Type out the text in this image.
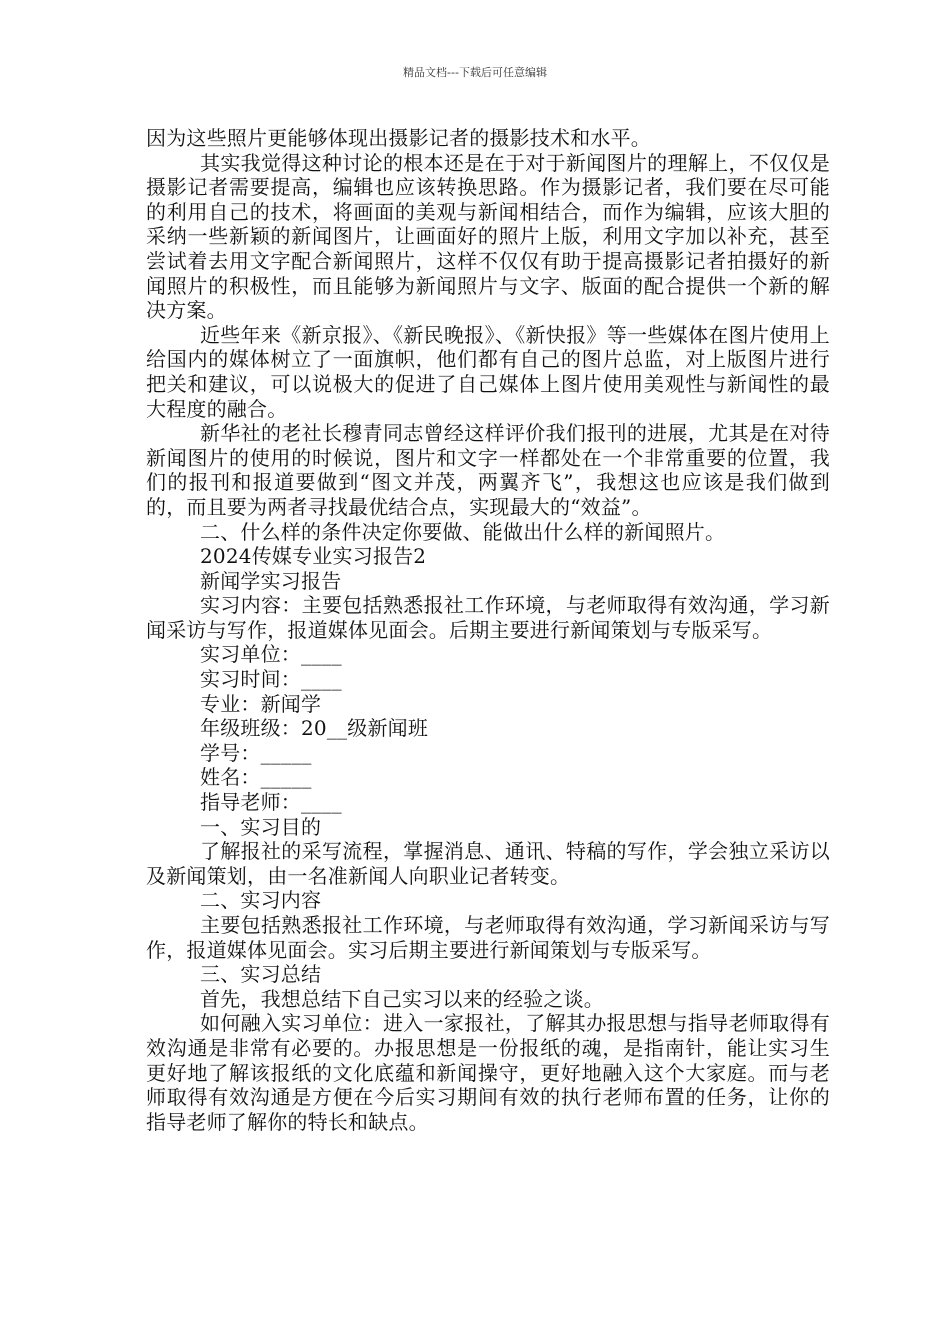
精品文档---下载后可任意编辑

因为这些照片更能够体现出摄影记者的摄影技术和水平。

其实我觉得这种讨论的根本还是在于对于新闻图片的理解上，不仅仅是摄影记者需要提高，编辑也应该转换思路。作为摄影记者，我们要在尽可能的利用自己的技术，将画面的美观与新闻相结合，而作为编辑，应该大胆的采纳一些新颖的新闻图片，让画面好的照片上版，利用文字加以补充，甚至尝试着去用文字配合新闻照片，这样不仅仅有助于提高摄影记者拍摄好的新闻照片的积极性，而且能够为新闻照片与文字、版面的配合提供一个新的解决方案。

近些年来《新京报》、《新民晚报》、《新快报》等一些媒体在图片使用上给国内的媒体树立了一面旗帜，他们都有自己的图片总监，对上版图片进行把关和建议，可以说极大的促进了自己媒体上图片使用美观性与新闻性的最大程度的融合。

新华社的老社长穆青同志曾经这样评价我们报刊的进展，尤其是在对待新闻图片的使用的时候说，图片和文字一样都处在一个非常重要的位置，我们的报刊和报道要做到“图文并茂，两翼齐飞”，我想这也应该是我们做到的，而且要为两者寻找最优结合点，实现最大的“效益”。

二、什么样的条件决定你要做、能做出什么样的新闻照片。

2024传媒专业实习报告2

新闻学实习报告

实习内容：主要包括熟悉报社工作环境，与老师取得有效沟通，学习新闻采访与写作，报道媒体见面会。后期主要进行新闻策划与专版采写。

实习单位：____

实习时间：____

专业：新闻学

年级班级：20__级新闻班

学号：_____

姓名：_____

指导老师：____

一、实习目的

了解报社的采写流程，掌握消息、通讯、特稿的写作，学会独立采访以及新闻策划，由一名准新闻人向职业记者转变。

二、实习内容

主要包括熟悉报社工作环境，与老师取得有效沟通，学习新闻采访与写作，报道媒体见面会。实习后期主要进行新闻策划与专版采写。

三、实习总结

首先，我想总结下自己实习以来的经验之谈。

如何融入实习单位：进入一家报社，了解其办报思想与指导老师取得有效沟通是非常有必要的。办报思想是一份报纸的魂，是指南针，能让实习生更好地了解该报纸的文化底蕴和新闻操守，更好地融入这个大家庭。而与老师取得有效沟通是方便在今后实习期间有效的执行老师布置的任务，让你的指导老师了解你的特长和缺点。
